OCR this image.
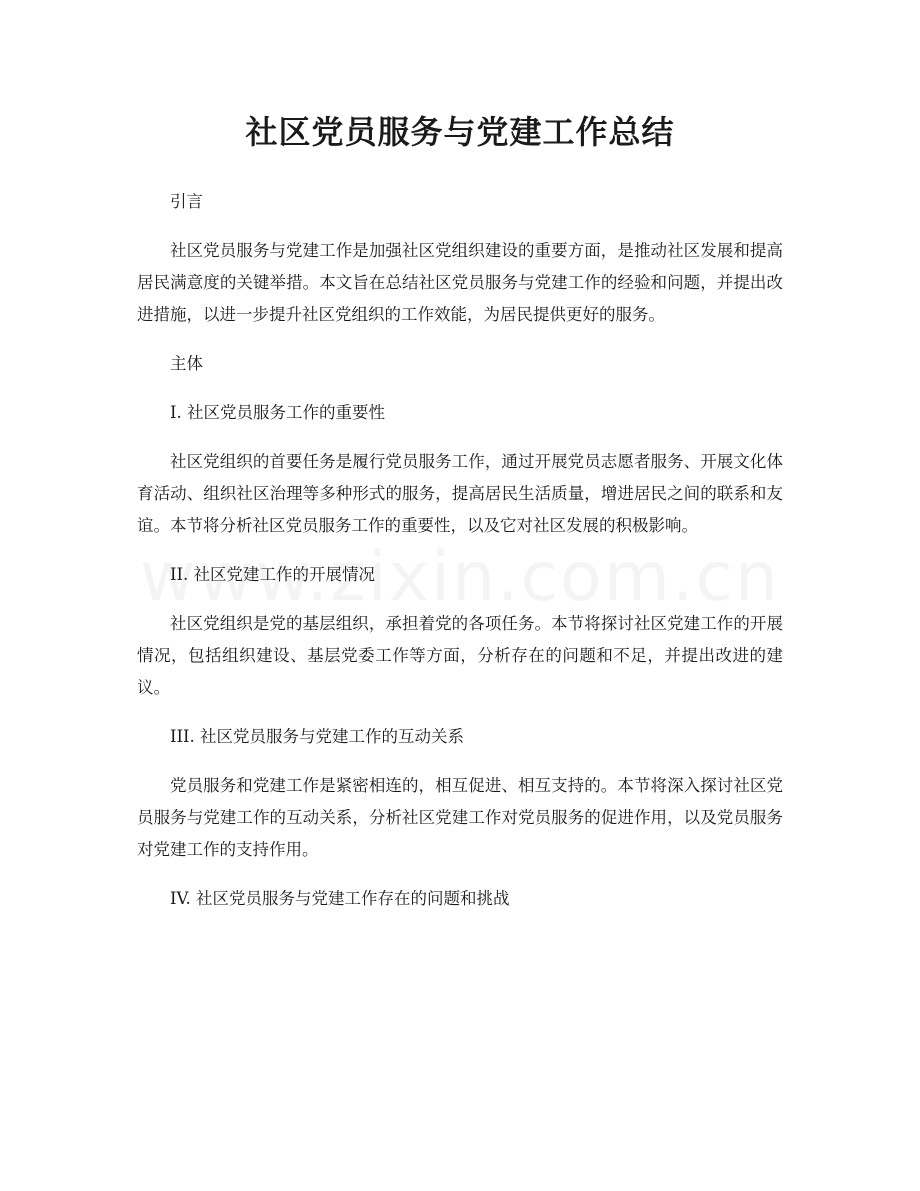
社区党员服务与党建工作总结

引言

社区党员服务与党建工作是加强社区党组织建设的重要方面，是推动社区发展和提高居民满意度的关键举措。本文旨在总结社区党员服务与党建工作的经验和问题，并提出改进措施，以进一步提升社区党组织的工作效能，为居民提供更好的服务。

主体

I. 社区党员服务工作的重要性

社区党组织的首要任务是履行党员服务工作，通过开展党员志愿者服务、开展文化体育活动、组织社区治理等多种形式的服务，提高居民生活质量，增进居民之间的联系和友谊。本节将分析社区党员服务工作的重要性，以及它对社区发展的积极影响。

II. 社区党建工作的开展情况

社区党组织是党的基层组织，承担着党的各项任务。本节将探讨社区党建工作的开展情况，包括组织建设、基层党委工作等方面，分析存在的问题和不足，并提出改进的建议。

III. 社区党员服务与党建工作的互动关系

党员服务和党建工作是紧密相连的，相互促进、相互支持的。本节将深入探讨社区党员服务与党建工作的互动关系，分析社区党建工作对党员服务的促进作用，以及党员服务对党建工作的支持作用。

IV. 社区党员服务与党建工作存在的问题和挑战
